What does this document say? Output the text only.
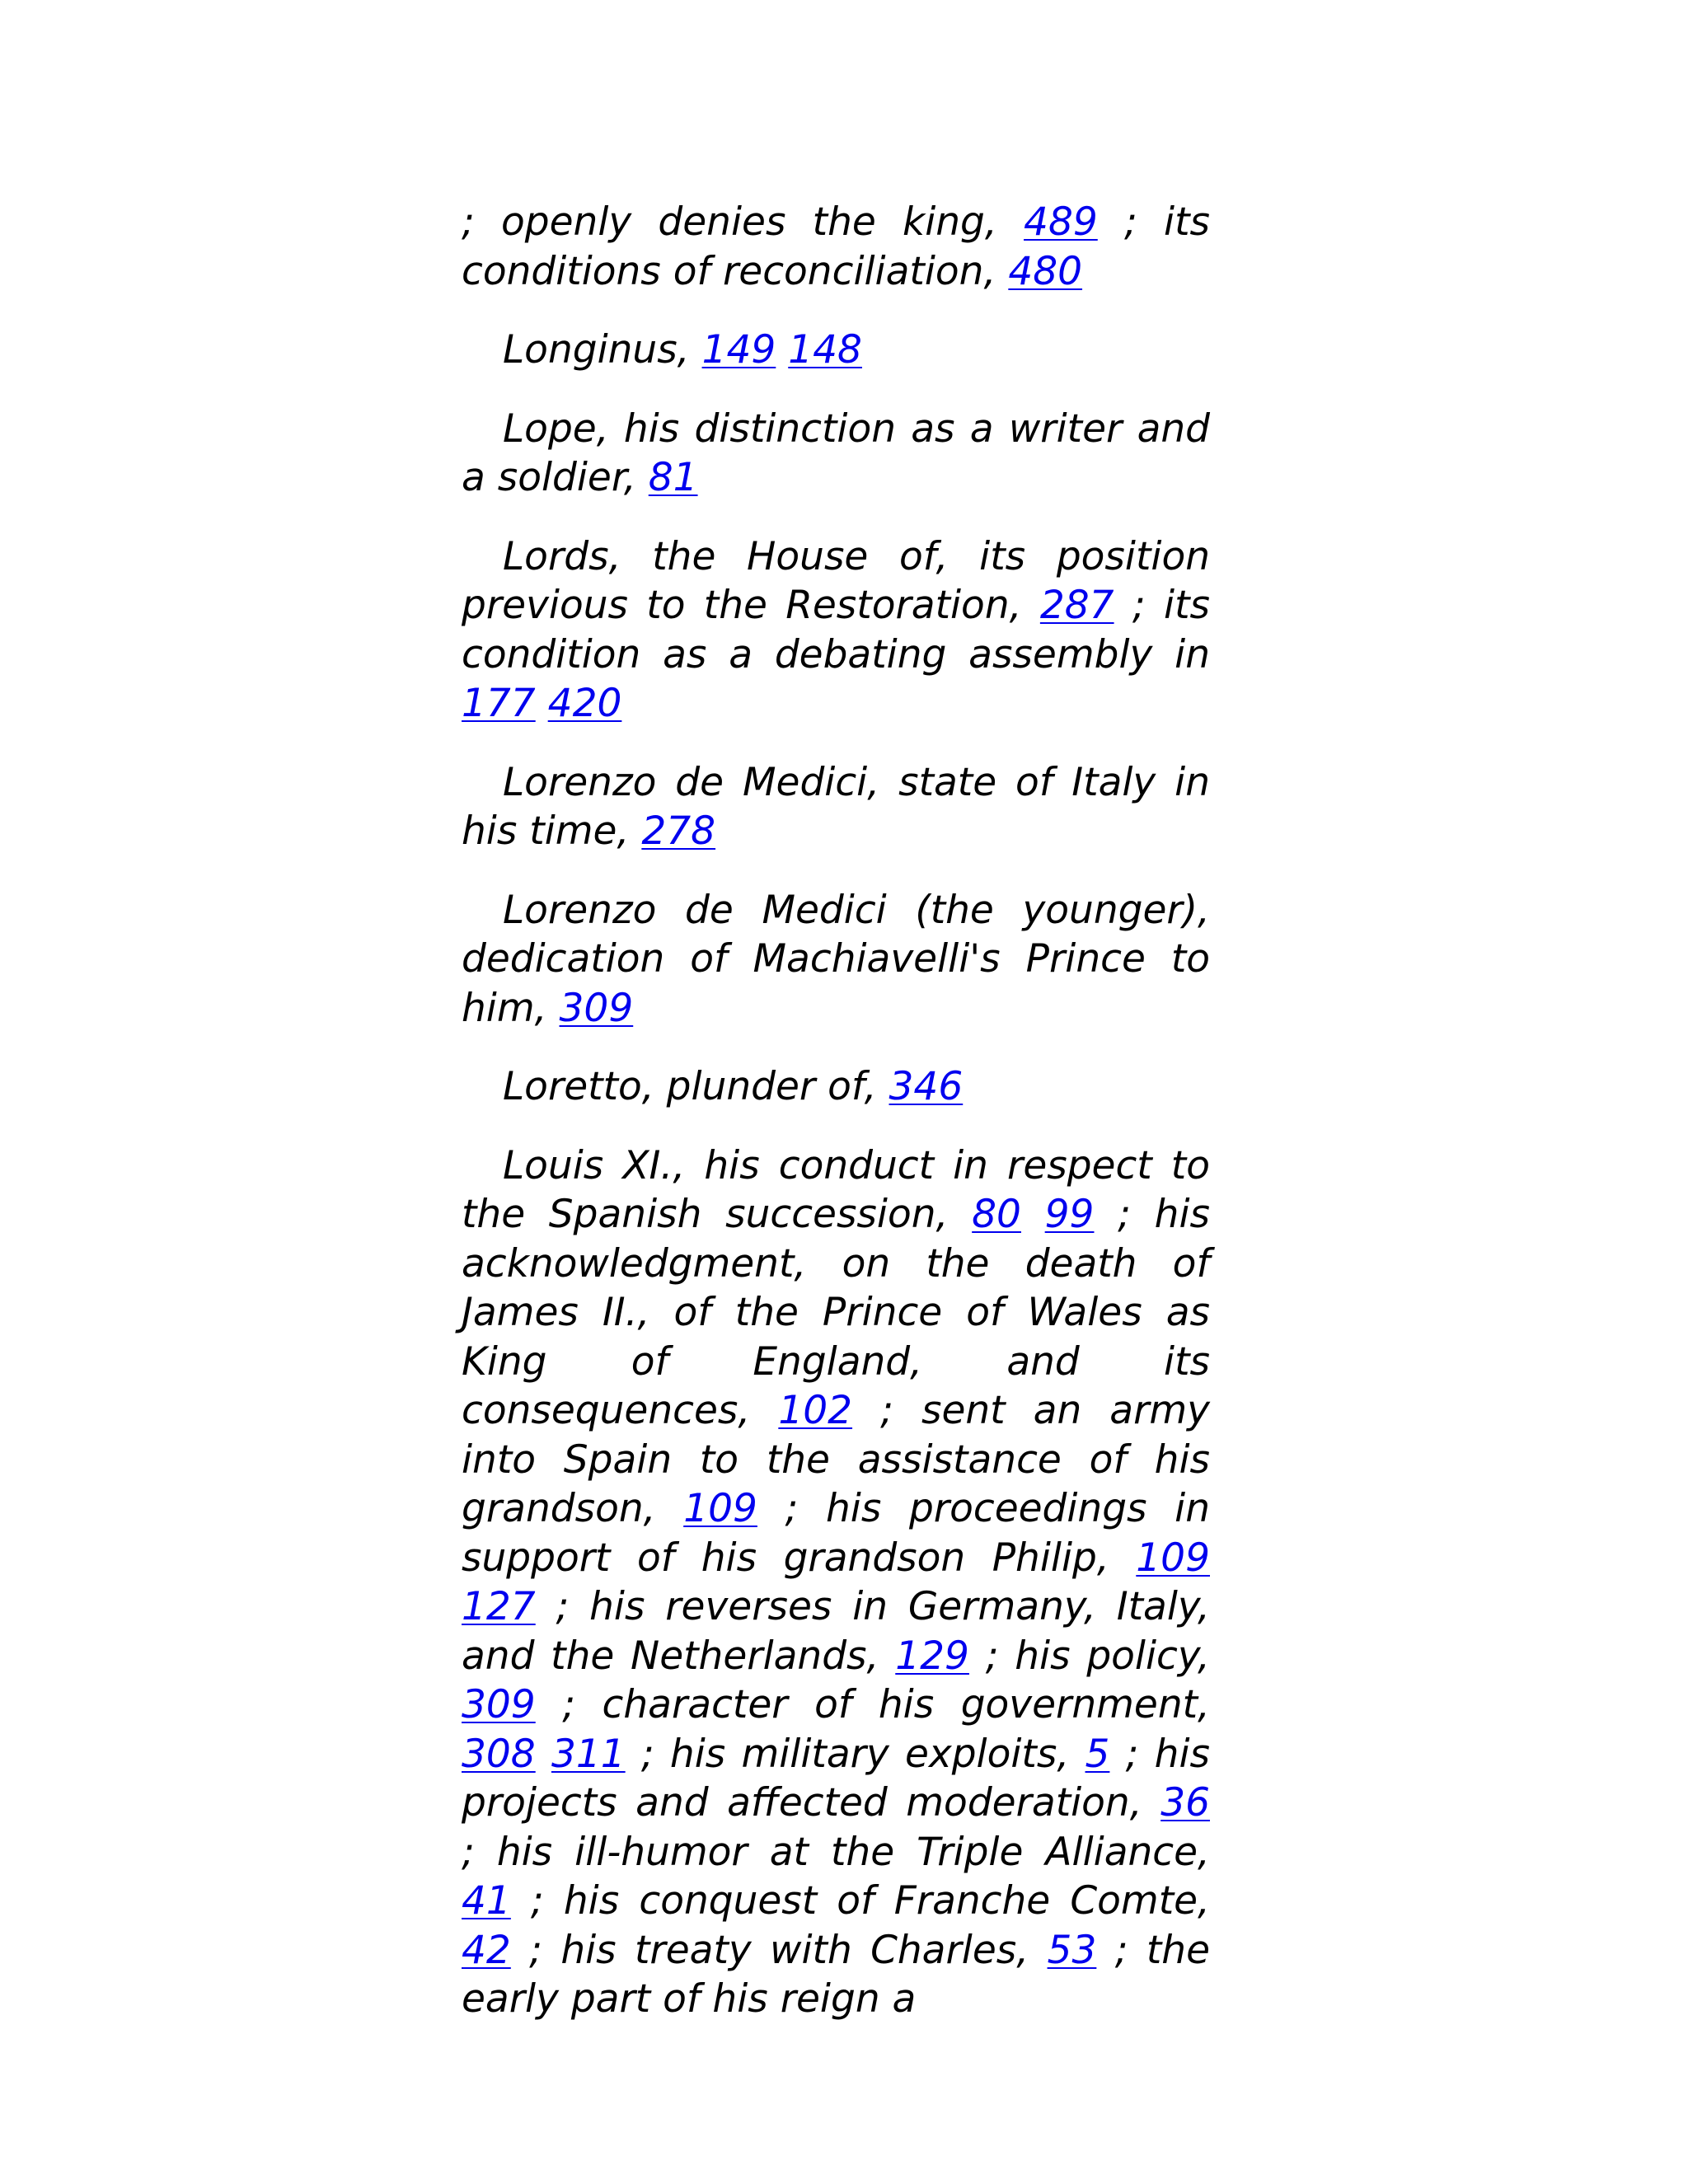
; openly denies the king, 489 ; its conditions of reconciliation, 480

Longinus, 149 148

Lope, his distinction as a writer and a soldier, 81

Lords, the House of, its position previous to the Restoration, 287 ; its condition as a debating assembly in 177 420

Lorenzo de Medici, state of Italy in his time, 278

Lorenzo de Medici (the younger), dedication of Machiavelli's Prince to him, 309

Loretto, plunder of, 346

Louis XI., his conduct in respect to the Spanish succession, 80 99 ; his acknowledgment, on the death of James II., of the Prince of Wales as King of England, and its consequences, 102 ; sent an army into Spain to the assistance of his grandson, 109 ; his proceedings in support of his grandson Philip, 109 127 ; his reverses in Germany, Italy, and the Netherlands, 129 ; his policy, 309 ; character of his government, 308 311 ; his military exploits, 5 ; his projects and affected moderation, 36 ; his ill-humor at the Triple Alliance, 41 ; his conquest of Franche Comte, 42 ; his treaty with Charles, 53 ; the early part of his reign a
